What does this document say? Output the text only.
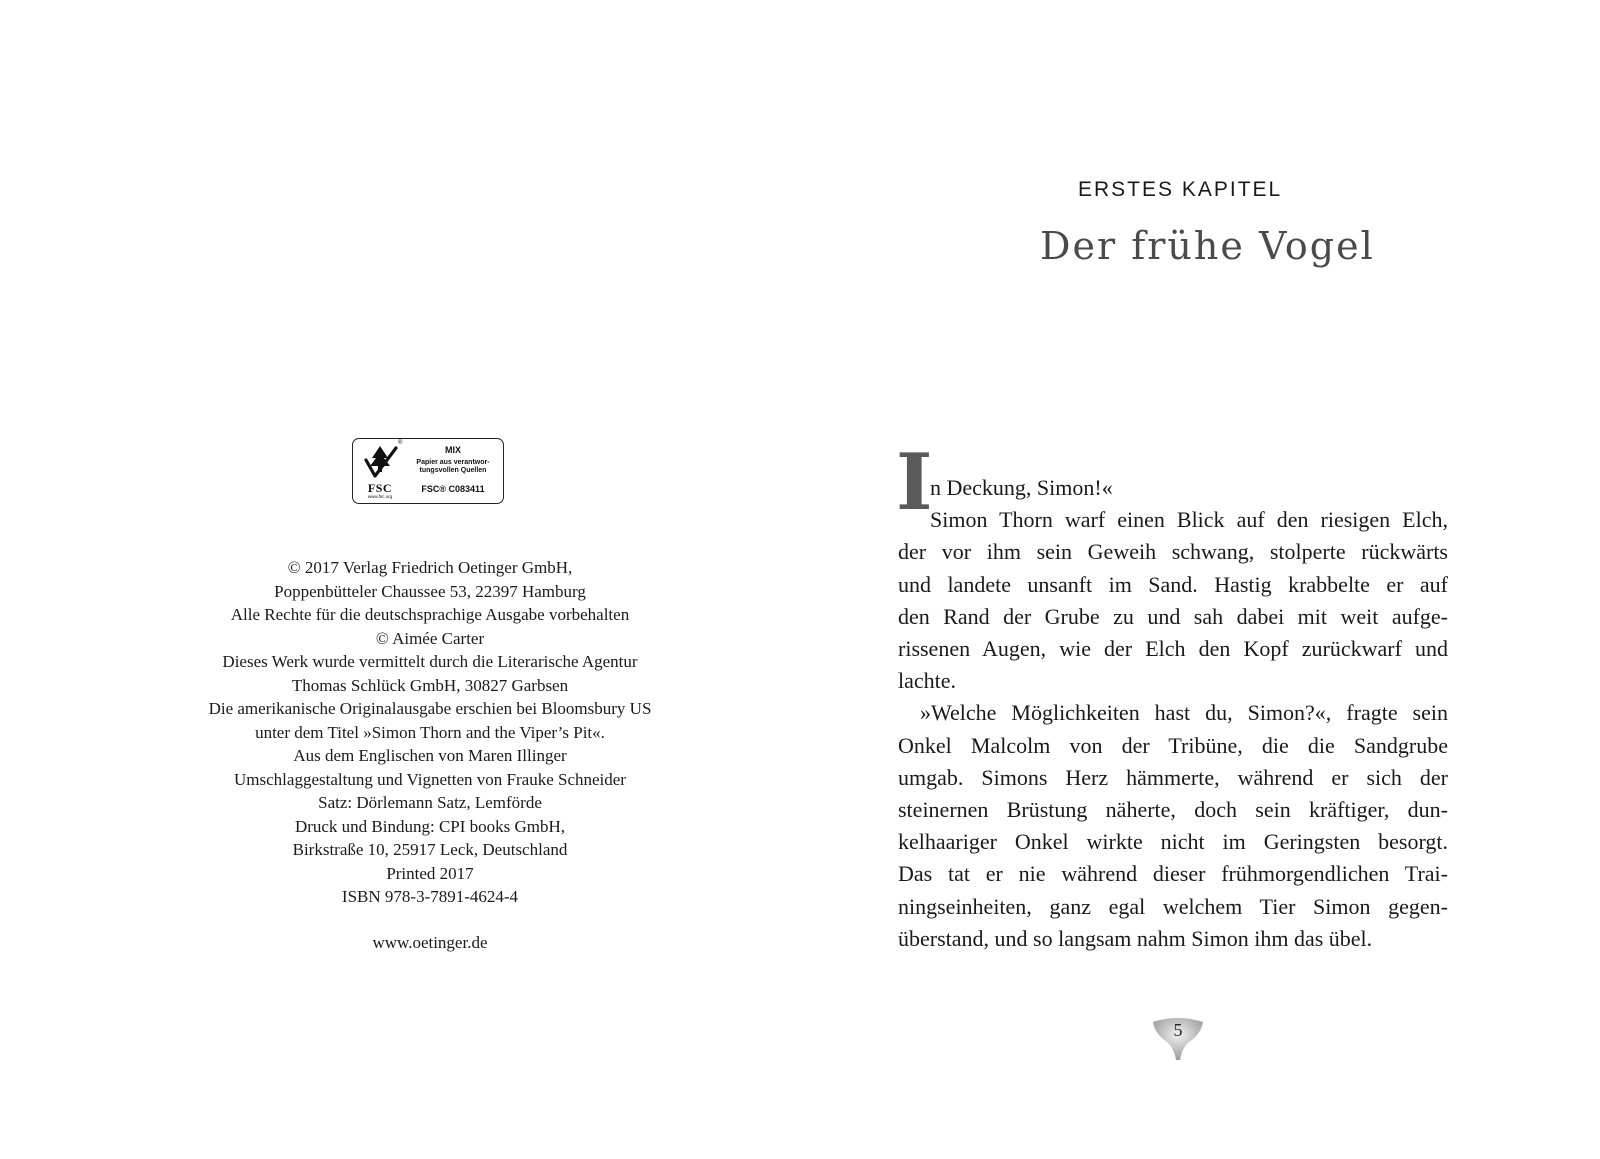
FSC
www.fsc.org
®
MIX
Papier aus verantwor-
tungsvollen Quellen
FSC® C083411
© 2017 Verlag Friedrich Oetinger GmbH,
Poppenbütteler Chaussee 53, 22397 Hamburg
Alle Rechte für die deutschsprachige Ausgabe vorbehalten
© Aimée Carter
Dieses Werk wurde vermittelt durch die Literarische Agentur
Thomas Schlück GmbH, 30827 Garbsen
Die amerikanische Originalausgabe erschien bei Bloomsbury US
unter dem Titel »Simon Thorn and the Viper’s Pit«.
Aus dem Englischen von Maren Illinger
Umschlaggestaltung und Vignetten von Frauke Schneider
Satz: Dörlemann Satz, Lemförde
Druck und Bindung: CPI books GmbH,
Birkstraße 10, 25917 Leck, Deutschland
Printed 2017
ISBN 978-3-7891-4624-4
www.oetinger.de
ERSTES KAPITEL
Der frühe Vogel
I
n Deckung, Simon!«
Simon Thorn warf einen Blick auf den riesigen Elch,
der vor ihm sein Geweih schwang, stolperte rückwärts
und landete unsanft im Sand. Hastig krabbelte er auf
den Rand der Grube zu und sah dabei mit weit aufge-
rissenen Augen, wie der Elch den Kopf zurückwarf und
lachte.
»Welche Möglichkeiten hast du, Simon?«, fragte sein
Onkel Malcolm von der Tribüne, die die Sandgrube
umgab. Simons Herz hämmerte, während er sich der
steinernen Brüstung näherte, doch sein kräftiger, dun-
kelhaariger Onkel wirkte nicht im Geringsten besorgt.
Das tat er nie während dieser frühmorgendlichen Trai-
ningseinheiten, ganz egal welchem Tier Simon gegen-
überstand, und so langsam nahm Simon ihm das übel.
5
